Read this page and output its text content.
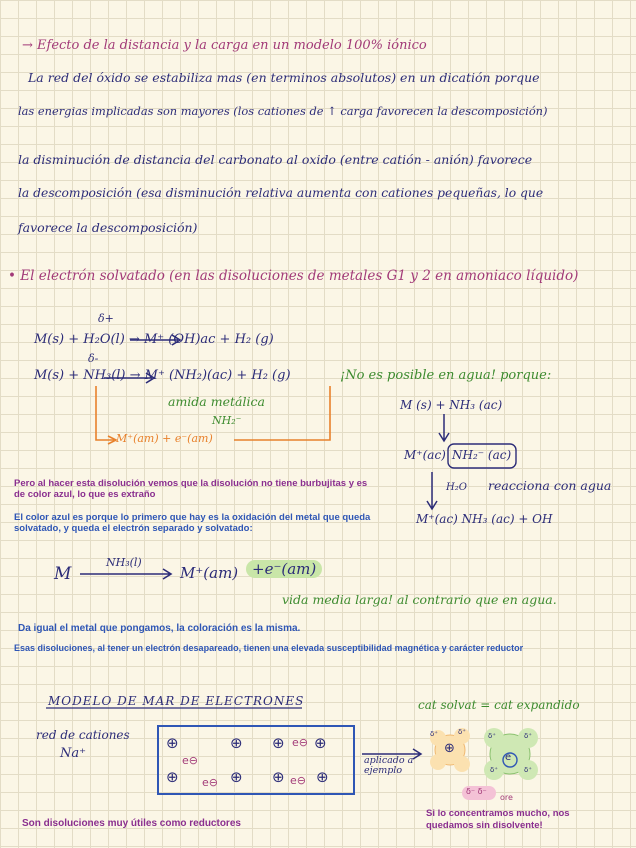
→ Efecto de la distancia y la carga en un modelo 100% iónico
La red del óxido se estabiliza mas (en terminos absolutos) en un dicatión porque
las energias implicadas son mayores (los cationes de ↑ carga favorecen la descomposición)
la disminución de distancia del carbonato al oxido (entre catión - anión) favorece
la descomposición (esa disminución relativa aumenta con cationes pequeñas, lo que
favorece la descomposición)
• El electrón solvatado (en las disoluciones de metales G1 y 2 en amoniaco líquido)
δ+
M(s) + H₂O(l) → M⁺ (OH)ac + H₂ (g)
δ-
M(s) + NH₃(l) → M⁺ (NH₂)(ac) + H₂ (g)
amida metálica
NH₂⁻
M⁺(am) + e⁻(am)
¡No es posible en agua! porque:
M (s) + NH₃ (ac)
M⁺(ac) NH₂⁻ (ac)
H₂O reacciona con agua
M⁺(ac) NH₃ (ac) + OH
Pero al hacer esta disolución vemos que la disolución no tiene burbujitas y es de color azul, lo que es extraño
El color azul es porque lo primero que hay es la oxidación del metal que queda solvatado, y queda el electrón separado y solvatado:
M
NH₃(l)
M⁺(am) +e⁻(am)
vida media larga! al contrario que en agua.
Da igual el metal que pongamos, la coloración es la misma.
Esas disoluciones, al tener un electrón desapareado, tienen una elevada susceptibilidad magnética y carácter reductor
MODELO DE MAR DE ELECTRONES
red de cationes
Na⁺
⊕	⊕ ⊕ ⊕
e⊖
e⊖
⊕	⊕ ⊕ ⊕
e⊖	e⊖
aplicado a ejemplo
cat solvat = cat expandido
⊕
e
δ⁺	δ⁺	δ⁺	δ⁺
δ⁺	δ⁺
δ⁻ δ⁻
ore
Si lo concentramos mucho, nos quedamos sin disolvente!
Son disoluciones muy útiles como reductores
